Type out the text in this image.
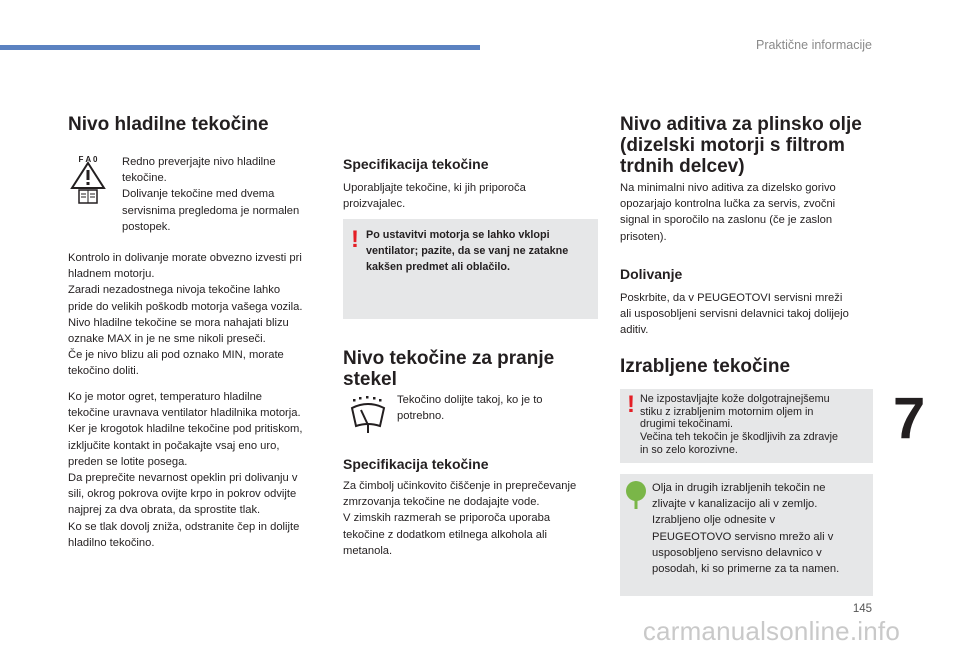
Praktične informacije
7
Nivo hladilne tekočine
F A 0 Redno preverjajte nivo hladilne
tekočine.
Dolivanje tekočine med dvema
servisnima pregledoma je normalen
postopek.

Kontrolo in dolivanje morate obvezno izvesti pri
hladnem motorju.
Zaradi nezadostnega nivoja tekočine lahko
pride do velikih poškodb motorja vašega vozila.
Nivo hladilne tekočine se mora nahajati blizu
oznake MAX in je ne sme nikoli preseči.
Če je nivo blizu ali pod oznako MIN, morate
tekočino doliti.

Ko je motor ogret, temperaturo hladilne
tekočine uravnava ventilator hladilnika motorja.
Ker je krogotok hladilne tekočine pod pritiskom,
izključite kontakt in počakajte vsaj eno uro,
preden se lotite posega.
Da preprečite nevarnost opeklin pri dolivanju v
sili, okrog pokrova ovijte krpo in pokrov odvijte
najprej za dva obrata, da sprostite tlak.
Ko se tlak dovolj zniža, odstranite čep in dolijte
hladilno tekočino.

Specifikacija tekočine

Uporabljajte tekočine, ki jih priporoča
proizvajalec.

! Po ustavitvi motorja se lahko vklopi
ventilator; pazite, da se vanj ne zatakne
kakšen predmet ali oblačilo.

Nivo tekočine za pranje
stekel

Tekočino dolijte takoj, ko je to
potrebno.

Specifikacija tekočine

Za čimbolj učinkovito čiščenje in preprečevanje
zmrzovanja tekočine ne dodajajte vode.
V zimskih razmerah se priporoča uporaba
tekočine z dodatkom etilnega alkohola ali
metanola.

Nivo aditiva za plinsko olje
(dizelski motorji s filtrom
trdnih delcev)

Na minimalni nivo aditiva za dizelsko gorivo
opozarjajo kontrolna lučka za servis, zvočni
signal in sporočilo na zaslonu (če je zaslon
prisoten).

Dolivanje

Poskrbite, da v PEUGEOTOVI servisni mreži
ali usposobljeni servisni delavnici takoj dolijejo
aditiv.

Izrabljene tekočine
! Ne izpostavljajte kože dolgotrajnejšemu
stiku z izrabljenim motornim oljem in
drugimi tekočinami.
Večina teh tekočin je škodljivih za zdravje
in so zelo korozivne.

Olja in drugih izrabljenih tekočin ne
zlivajte v kanalizacijo ali v zemljo.
Izrabljeno olje odnesite v
PEUGEOTOVO servisno mrežo ali v
usposobljeno servisno delavnico v
posodah, ki so primerne za ta namen.

145
carmanualsonline.info
